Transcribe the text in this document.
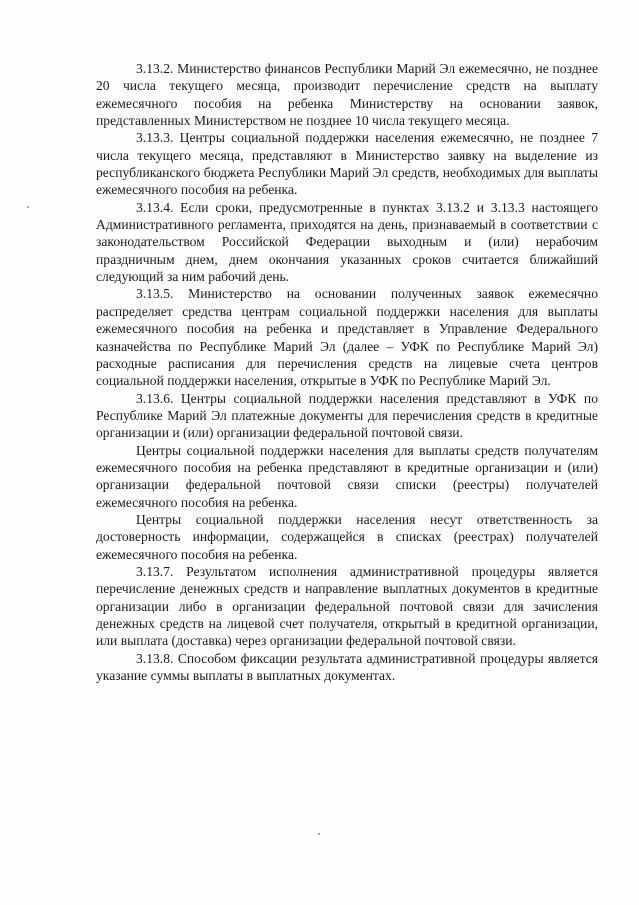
3.13.2. Министерство финансов Республики Марий Эл ежемесячно, не позднее 20 числа текущего месяца, производит перечисление средств на выплату ежемесячного пособия на ребенка Министерству на основании заявок, представленных Министерством не позднее 10 числа текущего месяца.

3.13.3. Центры социальной поддержки населения ежемесячно, не позднее 7 числа текущего месяца, представляют в Министерство заявку на выделение из республиканского бюджета Республики Марий Эл средств, необходимых для выплаты ежемесячного пособия на ребенка.

3.13.4. Если сроки, предусмотренные в пунктах 3.13.2 и 3.13.3 настоящего Административного регламента, приходятся на день, признаваемый в соответствии с законодательством Российской Федерации выходным и (или) нерабочим праздничным днем, днем окончания указанных сроков считается ближайший следующий за ним рабочий день.

3.13.5. Министерство на основании полученных заявок ежемесячно распределяет средства центрам социальной поддержки населения для выплаты ежемесячного пособия на ребенка и представляет в Управление Федерального казначейства по Республике Марий Эл (далее – УФК по Республике Марий Эл) расходные расписания для перечисления средств на лицевые счета центров социальной поддержки населения, открытые в УФК по Республике Марий Эл.

3.13.6. Центры социальной поддержки населения представляют в УФК по Республике Марий Эл платежные документы для перечисления средств в кредитные организации и (или) организации федеральной почтовой связи.

Центры социальной поддержки населения для выплаты средств получателям ежемесячного пособия на ребенка представляют в кредитные организации и (или) организации федеральной почтовой связи списки (реестры) получателей ежемесячного пособия на ребенка.

Центры социальной поддержки населения несут ответственность за достоверность информации, содержащейся в списках (реестрах) получателей ежемесячного пособия на ребенка.

3.13.7. Результатом исполнения административной процедуры является перечисление денежных средств и направление выплатных документов в кредитные организации либо в организации федеральной почтовой связи для зачисления денежных средств на лицевой счет получателя, открытый в кредитной организации, или выплата (доставка) через организации федеральной почтовой связи.

3.13.8. Способом фиксации результата административной процедуры является указание суммы выплаты в выплатных документах.
